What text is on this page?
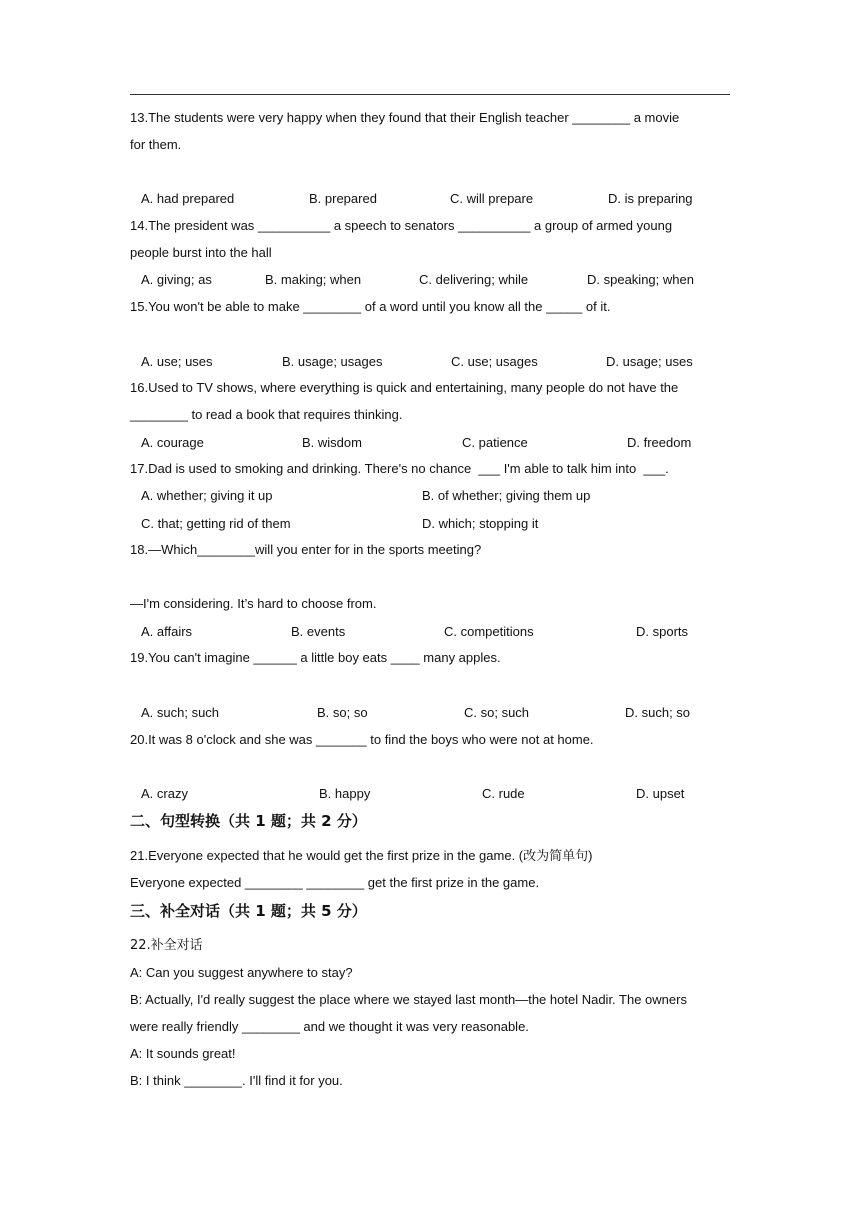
13.The students were very happy when they found that their English teacher ________ a movie
for them.
A. had prepared	B. prepared	C. will prepare	D. is preparing
14.The president was __________ a speech to senators __________ a group of armed young
people burst into the hall
A. giving; as	B. making; when	C. delivering; while	D. speaking; when
15.You won't be able to make ________ of a word until you know all the _____ of it.
A. use; uses	B. usage; usages	C. use; usages	D. usage; uses
16.Used to TV shows, where everything is quick and entertaining, many people do not have the
________ to read a book that requires thinking.
A. courage	B. wisdom	C. patience	D. freedom
17.Dad is used to smoking and drinking. There's no chance  ___ I'm able to talk him into  ___.
A. whether; giving it up	B. of whether; giving them up
C. that; getting rid of them	D. which; stopping it
18.—Which________will you enter for in the sports meeting?
—I'm considering. It’s hard to choose from.
A. affairs	B. events	C. competitions	D. sports
19.You can't imagine ______ a little boy eats ____ many apples.
A. such; such	B. so; so	C. so; such	D. such; so
20.It was 8 o'clock and she was _______ to find the boys who were not at home.
A. crazy	B. happy	C. rude	D. upset
二、句型转换（共 1 题；共 2 分）
21.Everyone expected that he would get the first prize in the game. (改为简单句)
Everyone expected ________ ________ get the first prize in the game.
三、补全对话（共 1 题；共 5 分）
22.补全对话
A: Can you suggest anywhere to stay?
B: Actually, I'd really suggest the place where we stayed last month—the hotel Nadir. The owners
were really friendly ________ and we thought it was very reasonable.
A: It sounds great!
B: I think ________. I'll find it for you.
